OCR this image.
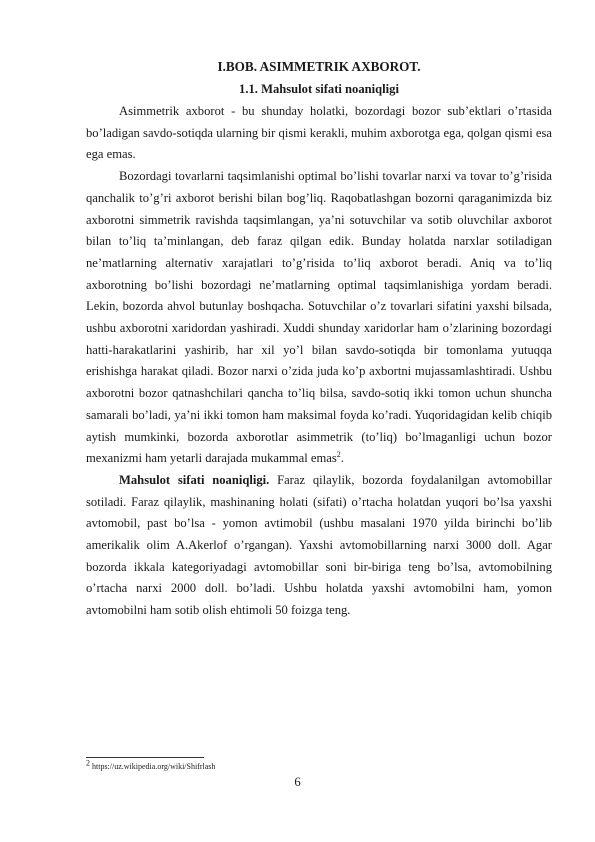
I.BOB. ASIMMETRIK AXBOROT.
1.1. Mahsulot sifati noaniqligi

Asimmetrik axborot - bu shunday holatki, bozordagi bozor sub’ektlari o’rtasida bo’ladigan savdo-sotiqda ularning bir qismi kerakli, muhim axborotga ega, qolgan qismi esa ega emas.

Bozordagi tovarlarni taqsimlanishi optimal bo’lishi tovarlar narxi va tovar to’g’risida qanchalik to’g’ri axborot berishi bilan bog’liq. Raqobatlashgan bozorni qaraganimizda biz axborotni simmetrik ravishda taqsimlangan, ya’ni sotuvchilar va sotib oluvchilar axborot bilan to’liq ta’minlangan, deb faraz qilgan edik. Bunday holatda narxlar sotiladigan ne’matlarning alternativ xarajatlari to’g’risida to’liq axborot beradi. Aniq va to’liq axborotning bo’lishi bozordagi ne’matlarning optimal taqsimlanishiga yordam beradi. Lekin, bozorda ahvol butunlay boshqacha. Sotuvchilar o’z tovarlari sifatini yaxshi bilsada, ushbu axborotni xaridordan yashiradi. Xuddi shunday xaridorlar ham o’zlarining bozordagi hatti-harakatlarini yashirib, har xil yo’l bilan savdo-sotiqda bir tomonlama yutuqqa erishishga harakat qiladi. Bozor narxi o’zida juda ko’p axbortni mujassamlashtiradi. Ushbu axborotni bozor qatnashchilari qancha to’liq bilsa, savdo-sotiq ikki tomon uchun shuncha samarali bo’ladi, ya’ni ikki tomon ham maksimal foyda ko’radi. Yuqoridagidan kelib chiqib aytish mumkinki, bozorda axborotlar asimmetrik (to’liq) bo’lmaganligi uchun bozor mexanizmi ham yetarli darajada mukammal emas$^2$.

Mahsulot sifati noaniqligi. Faraz qilaylik, bozorda foydalanilgan avtomobillar sotiladi. Faraz qilaylik, mashinaning holati (sifati) o’rtacha holatdan yuqori bo’lsa yaxshi avtomobil, past bo’lsa - yomon avtimobil (ushbu masalani 1970 yilda birinchi bo’lib amerikalik olim A.Akerlof o’rgangan). Yaxshi avtomobillarning narxi 3000 doll. Agar bozorda ikkala kategoriyadagi avtomobillar soni bir-biriga teng bo’lsa, avtomobilning o’rtacha narxi 2000 doll. bo’ladi. Ushbu holatda yaxshi avtomobilni ham, yomon avtomobilni ham sotib olish ehtimoli 50 foizga teng.

$^2$ https://uz.wikipedia.org/wiki/Shifrlash
6
